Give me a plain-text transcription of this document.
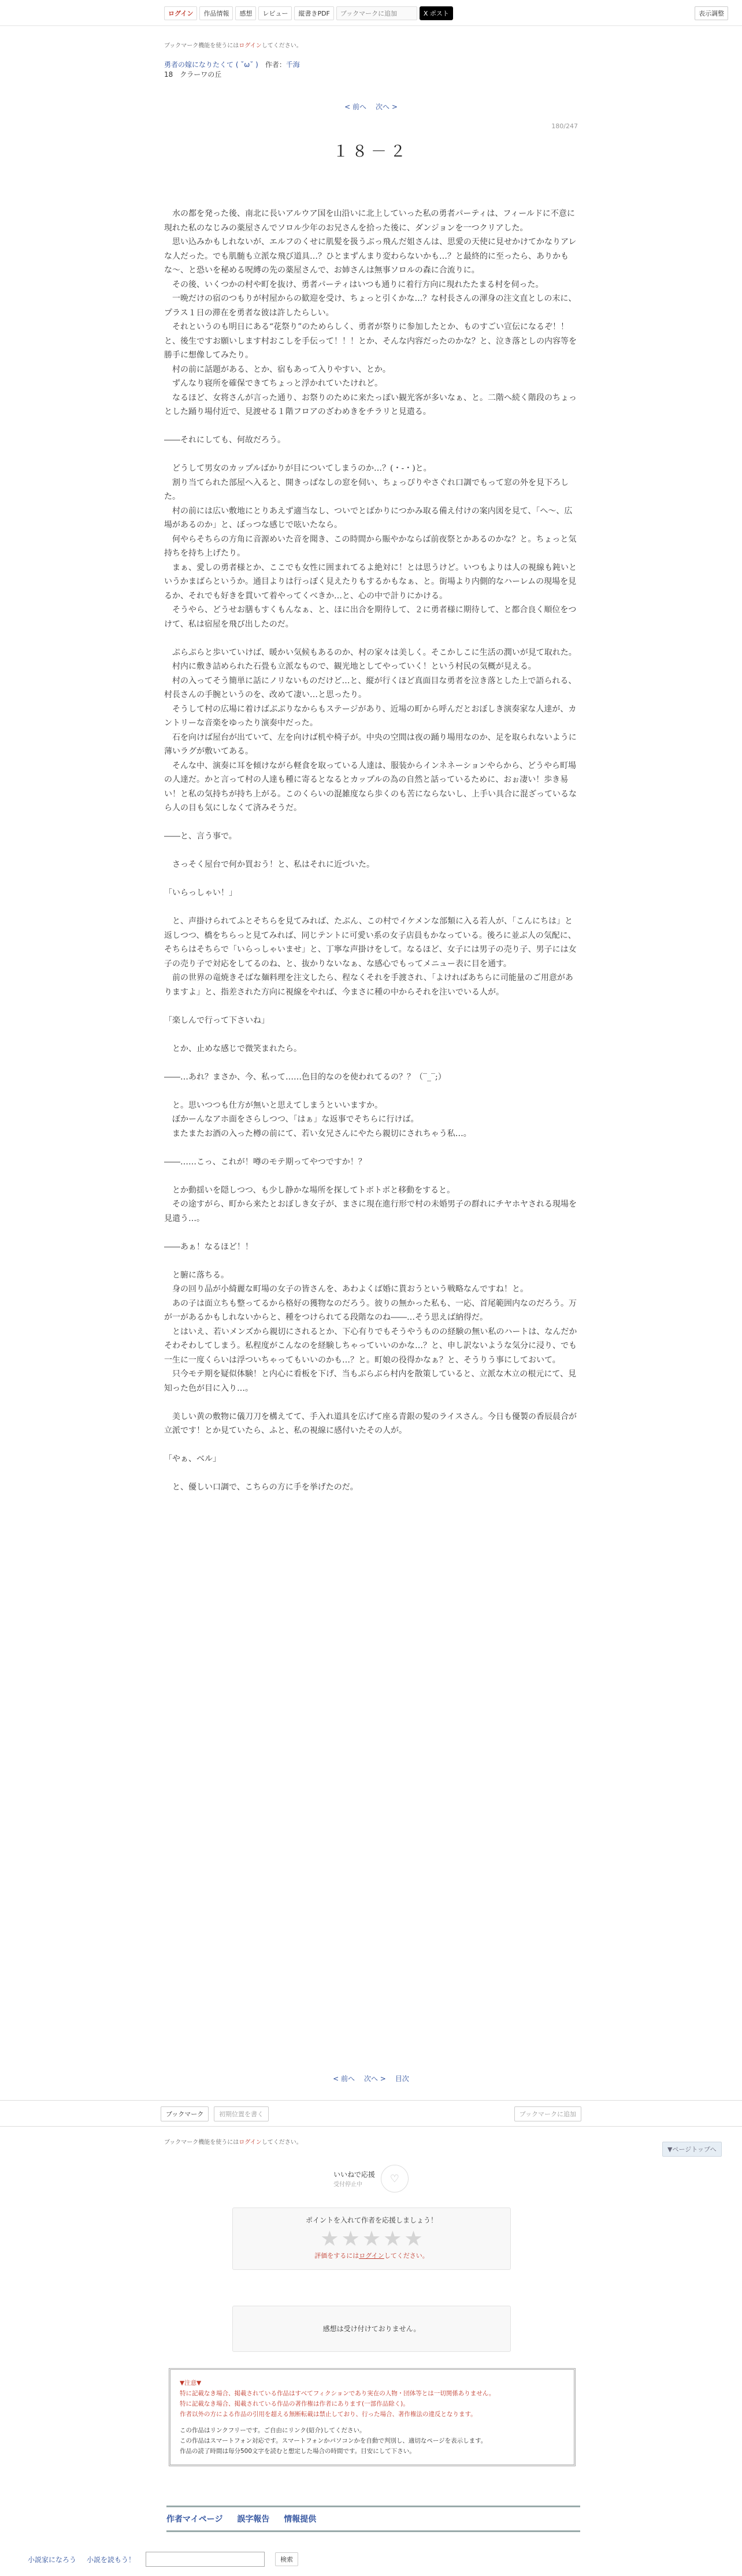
ログイン	作品情報	感想	レビュー	縦書きPDF	ブックマークに追加	X ポスト	表示調整
ブックマーク機能を使うにはログインしてください。
勇者の嫁になりたくて ( ˘ω˘ )　 作者：千海
18　クラーワの丘
< 前へ 次へ >
180/247
１８－２

　水の都を発った後、南北に長いアルウア国を山沿いに北上していった私の勇者パーティは、フィールドに不意に現れた私のなじみの薬屋さんでソロル少年のお兄さんを拾った後に、ダンジョンを一つクリアした。

　思い込みかもしれないが、エルフのくせに肌髪を扱うぶっ飛んだ姐さんは、思愛の天使に見せかけてかなりアレな人だった。でも肌髄も立派な飛び道具…？ひとまずんまり変わらないかも…？と最終的に至ったら、ありかもな〜、と恐いを秘める呪縛の先の薬屋さんで、お姉さんは無事ソロルの森に合流りに。

　その後、いくつかの村や町を抜け、勇者パーティはいつも通りに着行方向に現れたたまる村を伺った。

　一晩だけの宿のつもりが村屋からの歓迎を受け、ちょっと引くかな…？な村長さんの渾身の注文直としの末に、プラス１日の滞在を勇者な彼は許したらしい。

　それというのも明日にある“花祭り”のためらしく、勇者が祭りに参加したとか、ものすごい宣伝になるぞ！！と、後生ですお願いします村おこしを手伝って！！！とか、そんな内容だったのかな？と、泣き落としの内容等を勝手に想像してみたり。

　村の前に話題がある、とか、宿もあって入りやすい、とか。

　ずんなり寝所を確保できてちょっと浮かれていたけれど。

　なるほど、女将さんが言った通り、お祭りのために来たっぽい観光客が多いなぁ、と。二階へ続く階段のちょっとした踊り場付近で、見渡せる１階フロアのざわめきをチラリと見遣る。

――それにしても、何故だろう。

　どうして男女のカップルばかりが目についてしまうのか…？(・-・)と。

　割り当てられた部屋へ入ると、開きっぱなしの窓を伺い、ちょっぴりやさぐれ口調でもって窓の外を見下ろした。

　村の前には広い敷地にとりあえず適当なし、ついでとばかりにつかみ取る備え付けの案内図を見て、「へ〜、広場があるのか」と、ぼっつな感じで呟いたなら。

　何やらそちらの方角に音源めいた音を聞き、この時間から賑やかならば前夜祭とかあるのかな？と。ちょっと気持ちを持ち上げたり。

　まぁ、愛しの勇者様とか、ここでも女性に囲まれてるよ絶対に！とは思うけど。いつもよりは人の視線も鈍いというかまばらというか。通目よりは行っぽく見えたりもするかもなぁ、と。街場より内側的なハーレムの現場を見るか、それでも好きを貫いて着やってくべきか…と、心の中で計りにかける。

　そうやら、どうせお膳もすくもんなぁ、と、ほに出合を期待して、２に勇者様に期待して、と都合良く順位をつけて、私は宿屋を飛び出したのだ。

　ぷらぷらと歩いていけば、暖かい気候もあるのか、村の家々は美しく。そこかしこに生活の潤いが見て取れた。

　村内に敷き詰められた石畳も立派なもので、観光地としてやっていく！という村民の気概が見える。

　村の入ってそう簡単に話にノリないものだけど…と、縦が行くほど真面目な勇者を泣き落とした上で語られる、村長さんの手腕というのを、改めて凄い…と思ったり。

　そうして村の広場に着けばぶぶりなからもステージがあり、近場の町から呼んだとおぼしき演奏家な人達が、カントリーな音楽をゆったり演奏中だった。

　石を向けば屋台が出ていて、左を向けば机や椅子が。中央の空間は夜の踊り場用なのか、足を取られないように薄いラグが敷いてある。

　そんな中、演奏に耳を傾けながら軽食を取っている人達は、服装からインネネーションやらから、どうやら町場の人達だ。かと言って村の人達も種に寄るとなるとカップルの為の自然と話っているために、おぉ凄い！歩き易い！と私の気持ちが持ち上がる。このくらいの混雑度なら歩くのも苦にならないし、上手い具合に混ざっているなら人の目も気にしなくて済みそうだ。

――と、言う事で。

　さっそく屋台で何か買おう！と、私はそれに近づいた。

「いらっしゃい！」

　と、声掛けられてふとそちらを見てみれば、たぶん、この村でイケメンな部類に入る若人が、「こんにちは」と返しつつ、橋をちらっと見てみれば、同じテントに可愛い系の女子店員もかなっている。後ろに並ぶ人の気配に、そちらはそちらで「いらっしゃいませ」と、丁寧な声掛けをして。なるほど、女子には男子の売り子、男子には女子の売り子で対応をしてるのね、と、抜かりないなぁ、な感心でもってメニュー表に目を通す。

　前の世界の竜焼きそばな麺料理を注文したら、程なくそれを手渡され、「よければあちらに司能量のご用意がありますよ」と、指差された方向に視線をやれば、今まさに種の中からそれを注いでいる人が。

「楽しんで行って下さいね」

　とか、止めな感じで微笑まれたら。

――…あれ？まさか、今、私って……色目的なのを使われてるの？？（‾_‾;）

　と。思いつつも仕方が無いと思えてしまうといいますか。

　ぼかーんなアホ面をさらしつつ、「はぁ」な返事でそちらに行けば。

　またまたお酒の入った樽の前にて、若い女兄さんにやたら親切にされちゃう私…。

――……こっ、これが！噂のモテ期ってやつですか！？

　とか動揺いを隠しつつ、も少し静かな場所を探してトボトボと移動をすると。

　その途すがら、町から来たとおぼしき女子が、まさに現在進行形で村の未婚男子の群れにチヤホヤされる現場を見遣う…。

――あぁ！なるほど！！

　と腑に落ちる。

　身の回り品が小綺麗な町場の女子の皆さんを、あわよくば婚に貰おうという戦略なんですね！と。

　あの子は面立ちも整ってるから格好の獲物なのだろう。彼りの無かった私も、一応、首尾範囲内なのだろう。万が一があるかもしれないからと、種をつけられてる段階なのね――…そう思えば納得だ。

　とはいえ、若いメンズから親切にされるとか、下心有りでもそうやうものの経験の無い私のハートは、なんだかそわそわしてしまう。私程度がこんなのを経験しちゃっていいのかな…？と、申し訳ないような気分に浸り、でも一生に一度くらいは浮ついちゃってもいいのかも…？と。町娘の役得かなぁ？と、そうりう事にしておいて。

　只今モテ期を疑似体験！と内心に看板を下げ、当もぶらぶら村内を散策していると、立派な木立の根元にて、見知った色が目に入り…。

　美しい黄の敷物に儀刀刀を構えてて、手入れ道具を広げて座る青銀の髪のライスさん。今日も優製の香辰晨合が立派です！とか見ていたら、ふと、私の視線に感付いたその人が。

「やぁ、ベル」

　と、優しい口調で、こちらの方に手を挙げたのだ。

< 前へ 次へ > 目次
ブックマーク	初期位置を書く	ブックマークに追加
ブックマーク機能を使うにはログインしてください。
▼ページトップへ
いいねで応援
受付停止中	♡
ポイントを入れて作者を応援しましょう！
★ ★ ★ ★ ★
評価をするにはログインしてください。
感想は受け付けておりません。
▼注意▼
特に記載なき場合、掲載されている作品はすべてフィクションであり実在の人物・団体等とは一切関係ありません。
特に記載なき場合、掲載されている作品の著作権は作者にあります(一部作品除く)。
作者以外の方による作品の引用を超える無断転載は禁止しており、行った場合、著作権法の違反となります。
この作品はリンクフリーです。ご自由にリンク(紹介)してください。
この作品はスマートフォン対応です。スマートフォンかパソコンかを自動で判別し、適切なページを表示します。
作品の読了時間は毎分500文字を読むと想定した場合の時間です。目安にして下さい。
作者マイページ 誤字報告 情報提供
小説家になろう 小説を読もう！	検索
